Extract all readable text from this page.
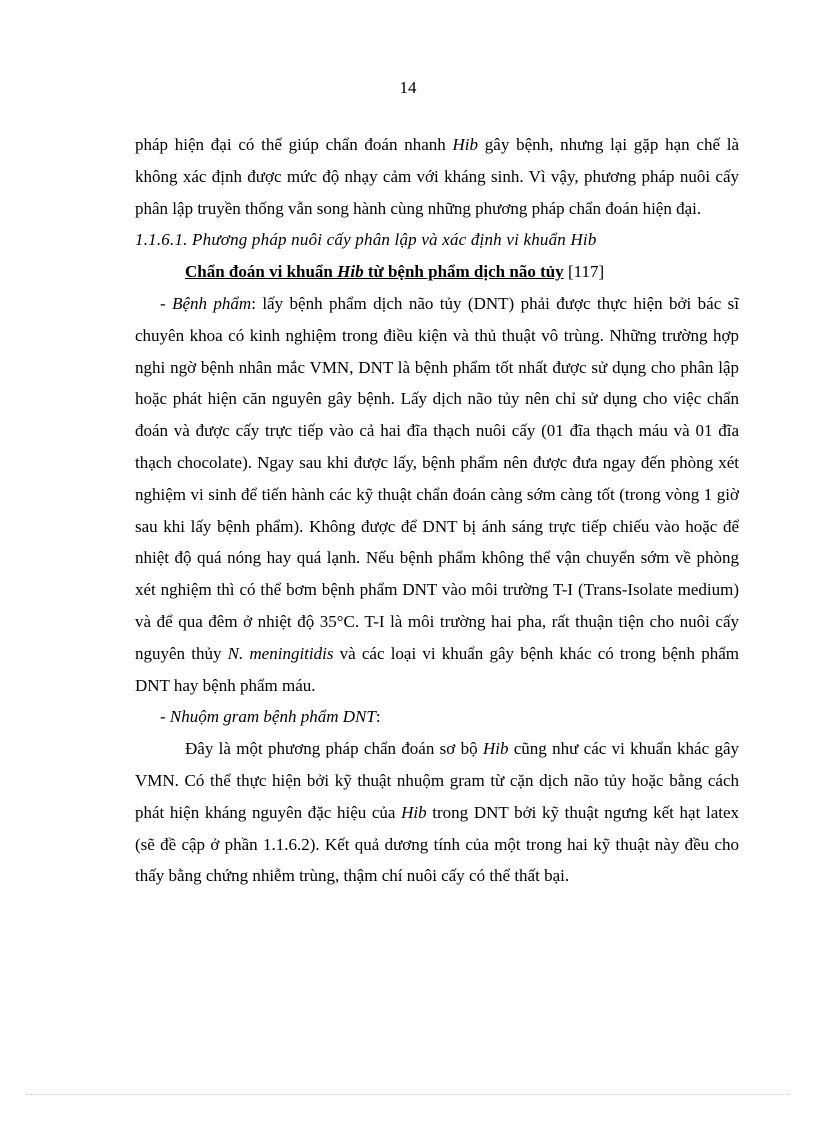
14

pháp hiện đại có thể giúp chẩn đoán nhanh Hib gây bệnh, nhưng lại gặp hạn chế là không xác định được mức độ nhạy cảm với kháng sinh. Vì vậy, phương pháp nuôi cấy phân lập truyền thống vẫn song hành cùng những phương pháp chẩn đoán hiện đại.

1.1.6.1. Phương pháp nuôi cấy phân lập và xác định vi khuẩn Hib

Chẩn đoán vi khuẩn Hib từ bệnh phẩm dịch não tủy [117]

- Bệnh phẩm: lấy bệnh phẩm dịch não tủy (DNT) phải được thực hiện bởi bác sĩ chuyên khoa có kinh nghiệm trong điều kiện và thủ thuật vô trùng. Những trường hợp nghi ngờ bệnh nhân mắc VMN, DNT là bệnh phẩm tốt nhất được sử dụng cho phân lập hoặc phát hiện căn nguyên gây bệnh. Lấy dịch não tủy nên chỉ sử dụng cho việc chẩn đoán và được cấy trực tiếp vào cả hai đĩa thạch nuôi cấy (01 đĩa thạch máu và 01 đĩa thạch chocolate). Ngay sau khi được lấy, bệnh phẩm nên được đưa ngay đến phòng xét nghiệm vi sinh để tiến hành các kỹ thuật chẩn đoán càng sớm càng tốt (trong vòng 1 giờ sau khi lấy bệnh phẩm). Không được để DNT bị ánh sáng trực tiếp chiếu vào hoặc để nhiệt độ quá nóng hay quá lạnh. Nếu bệnh phẩm không thể vận chuyển sớm về phòng xét nghiệm thì có thể bơm bệnh phẩm DNT vào môi trường T-I (Trans-Isolate medium) và để qua đêm ở nhiệt độ 35°C. T-I là môi trường hai pha, rất thuận tiện cho nuôi cấy nguyên thủy N. meningitidis và các loại vi khuẩn gây bệnh khác có trong bệnh phẩm DNT hay bệnh phẩm máu.

- Nhuộm gram bệnh phẩm DNT:

Đây là một phương pháp chẩn đoán sơ bộ Hib cũng như các vi khuẩn khác gây VMN. Có thể thực hiện bởi kỹ thuật nhuộm gram từ cặn dịch não tủy hoặc bằng cách phát hiện kháng nguyên đặc hiệu của Hib trong DNT bởi kỹ thuật ngưng kết hạt latex (sẽ đề cập ở phần 1.1.6.2). Kết quả dương tính của một trong hai kỹ thuật này đều cho thấy bằng chứng nhiễm trùng, thậm chí nuôi cấy có thể thất bại.
